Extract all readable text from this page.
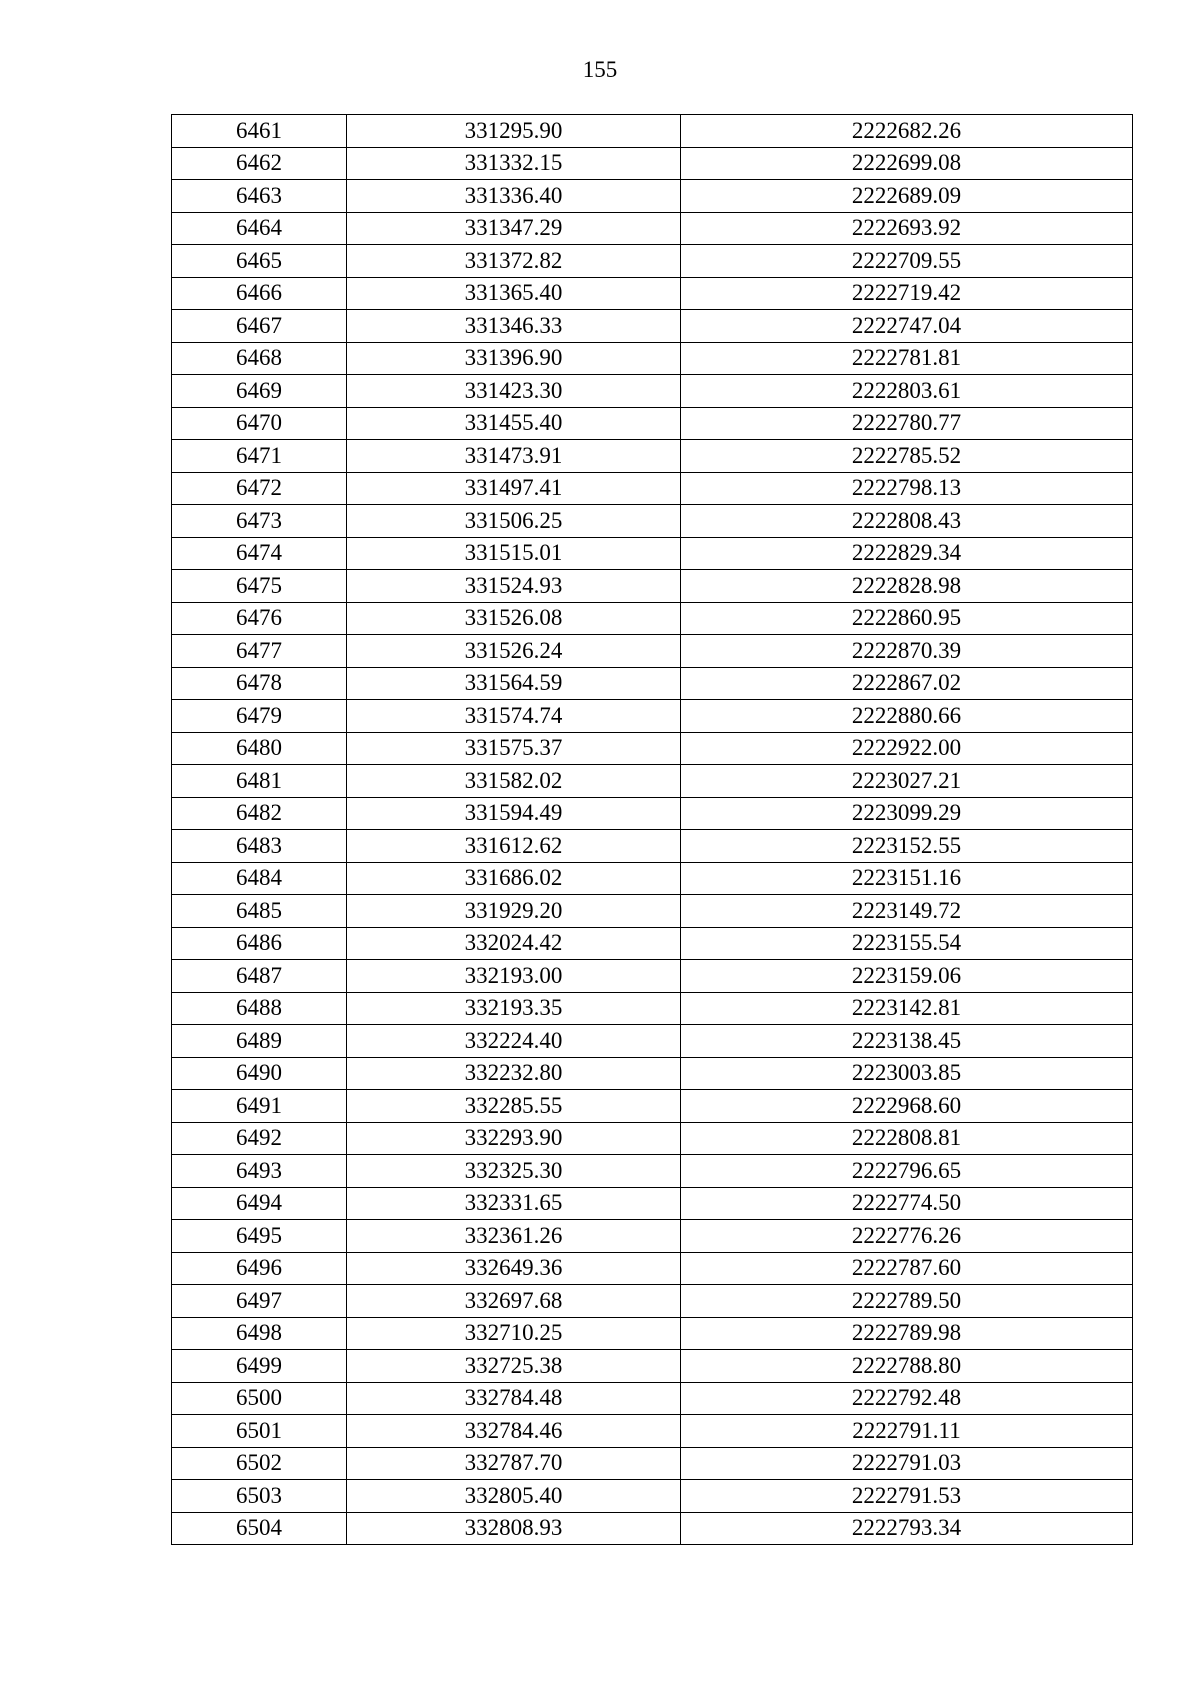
155
6461	331295.90	2222682.26
6462	331332.15	2222699.08
6463	331336.40	2222689.09
6464	331347.29	2222693.92
6465	331372.82	2222709.55
6466	331365.40	2222719.42
6467	331346.33	2222747.04
6468	331396.90	2222781.81
6469	331423.30	2222803.61
6470	331455.40	2222780.77
6471	331473.91	2222785.52
6472	331497.41	2222798.13
6473	331506.25	2222808.43
6474	331515.01	2222829.34
6475	331524.93	2222828.98
6476	331526.08	2222860.95
6477	331526.24	2222870.39
6478	331564.59	2222867.02
6479	331574.74	2222880.66
6480	331575.37	2222922.00
6481	331582.02	2223027.21
6482	331594.49	2223099.29
6483	331612.62	2223152.55
6484	331686.02	2223151.16
6485	331929.20	2223149.72
6486	332024.42	2223155.54
6487	332193.00	2223159.06
6488	332193.35	2223142.81
6489	332224.40	2223138.45
6490	332232.80	2223003.85
6491	332285.55	2222968.60
6492	332293.90	2222808.81
6493	332325.30	2222796.65
6494	332331.65	2222774.50
6495	332361.26	2222776.26
6496	332649.36	2222787.60
6497	332697.68	2222789.50
6498	332710.25	2222789.98
6499	332725.38	2222788.80
6500	332784.48	2222792.48
6501	332784.46	2222791.11
6502	332787.70	2222791.03
6503	332805.40	2222791.53
6504	332808.93	2222793.34
